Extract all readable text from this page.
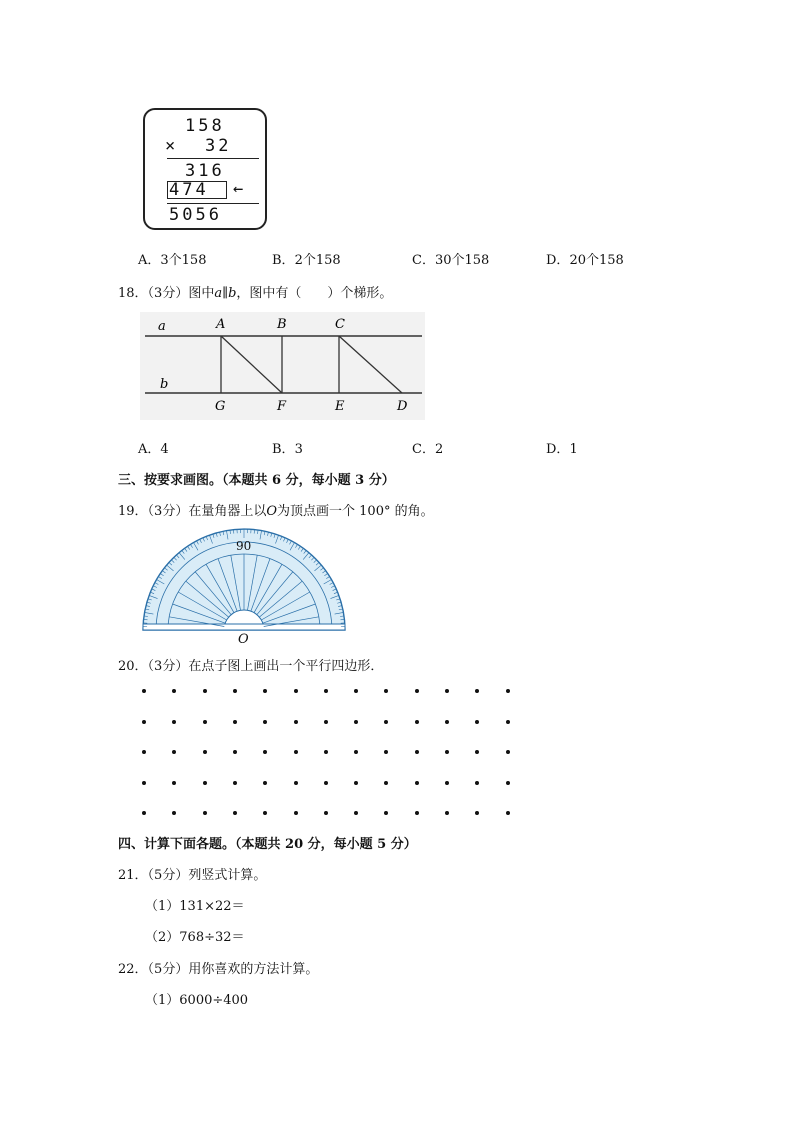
158
× 32
316
474 ←
5056
A．3个158	B．2个158	C．30个158	D．20个158
18．（3分）图中a∥b，图中有（　　）个梯形。
a
b
A	B	C
G	F	E	D
A．4	B．3	C．2	D．1
三、按要求画图。（本题共 6 分，每小题 3 分）
19．（3分）在量角器上以O为顶点画一个 100° 的角。
90
O
20．（3分）在点子图上画出一个平行四边形．
四、计算下面各题。（本题共 20 分，每小题 5 分）
21．（5分）列竖式计算。
（1）131×22＝
（2）768÷32＝
22．（5分）用你喜欢的方法计算。
（1）6000÷400
